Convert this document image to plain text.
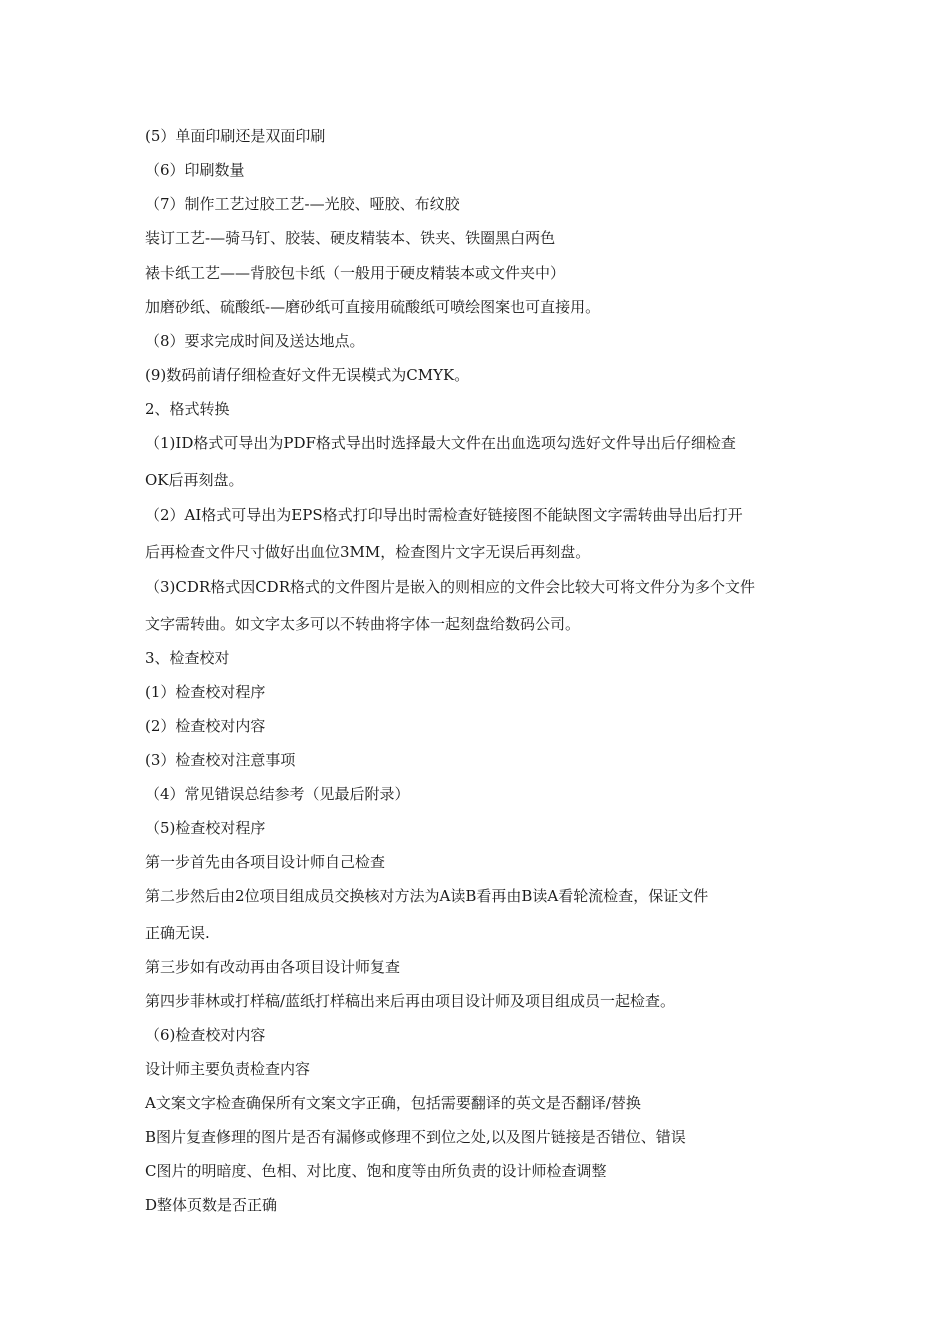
(5）单面印刷还是双面印刷
（6）印刷数量
（7）制作工艺过胶工艺-—光胶、哑胶、布纹胶
装订工艺-—骑马钉、胶装、硬皮精装本、铁夹、铁圈黑白两色
裱卡纸工艺——背胶包卡纸（一般用于硬皮精装本或文件夹中）
加磨砂纸、硫酸纸-—磨砂纸可直接用硫酸纸可喷绘图案也可直接用。
（8）要求完成时间及送达地点。
(9)数码前请仔细检查好文件无误模式为CMYK。
2、格式转换
（1)ID格式可导出为PDF格式导出时选择最大文件在出血选项勾选好文件导出后仔细检查
OK后再刻盘。
（2）AI格式可导出为EPS格式打印导出时需检查好链接图不能缺图文字需转曲导出后打开
后再检查文件尺寸做好出血位3MM，检查图片文字无误后再刻盘。
（3)CDR格式因CDR格式的文件图片是嵌入的则相应的文件会比较大可将文件分为多个文件
文字需转曲。如文字太多可以不转曲将字体一起刻盘给数码公司。
3、检查校对
(1）检查校对程序
(2）检查校对内容
(3）检查校对注意事项
（4）常见错误总结参考（见最后附录）
（5)检查校对程序
第一步首先由各项目设计师自己检查
第二步然后由2位项目组成员交换核对方法为A读B看再由B读A看轮流检查，保证文件
正确无误.
第三步如有改动再由各项目设计师复查
第四步菲林或打样稿/蓝纸打样稿出来后再由项目设计师及项目组成员一起检查。
（6)检查校对内容
设计师主要负责检查内容
A文案文字检查确保所有文案文字正确，包括需要翻译的英文是否翻译/替换
B图片复查修理的图片是否有漏修或修理不到位之处,以及图片链接是否错位、错误
C图片的明暗度、色相、对比度、饱和度等由所负责的设计师检查调整
D整体页数是否正确
